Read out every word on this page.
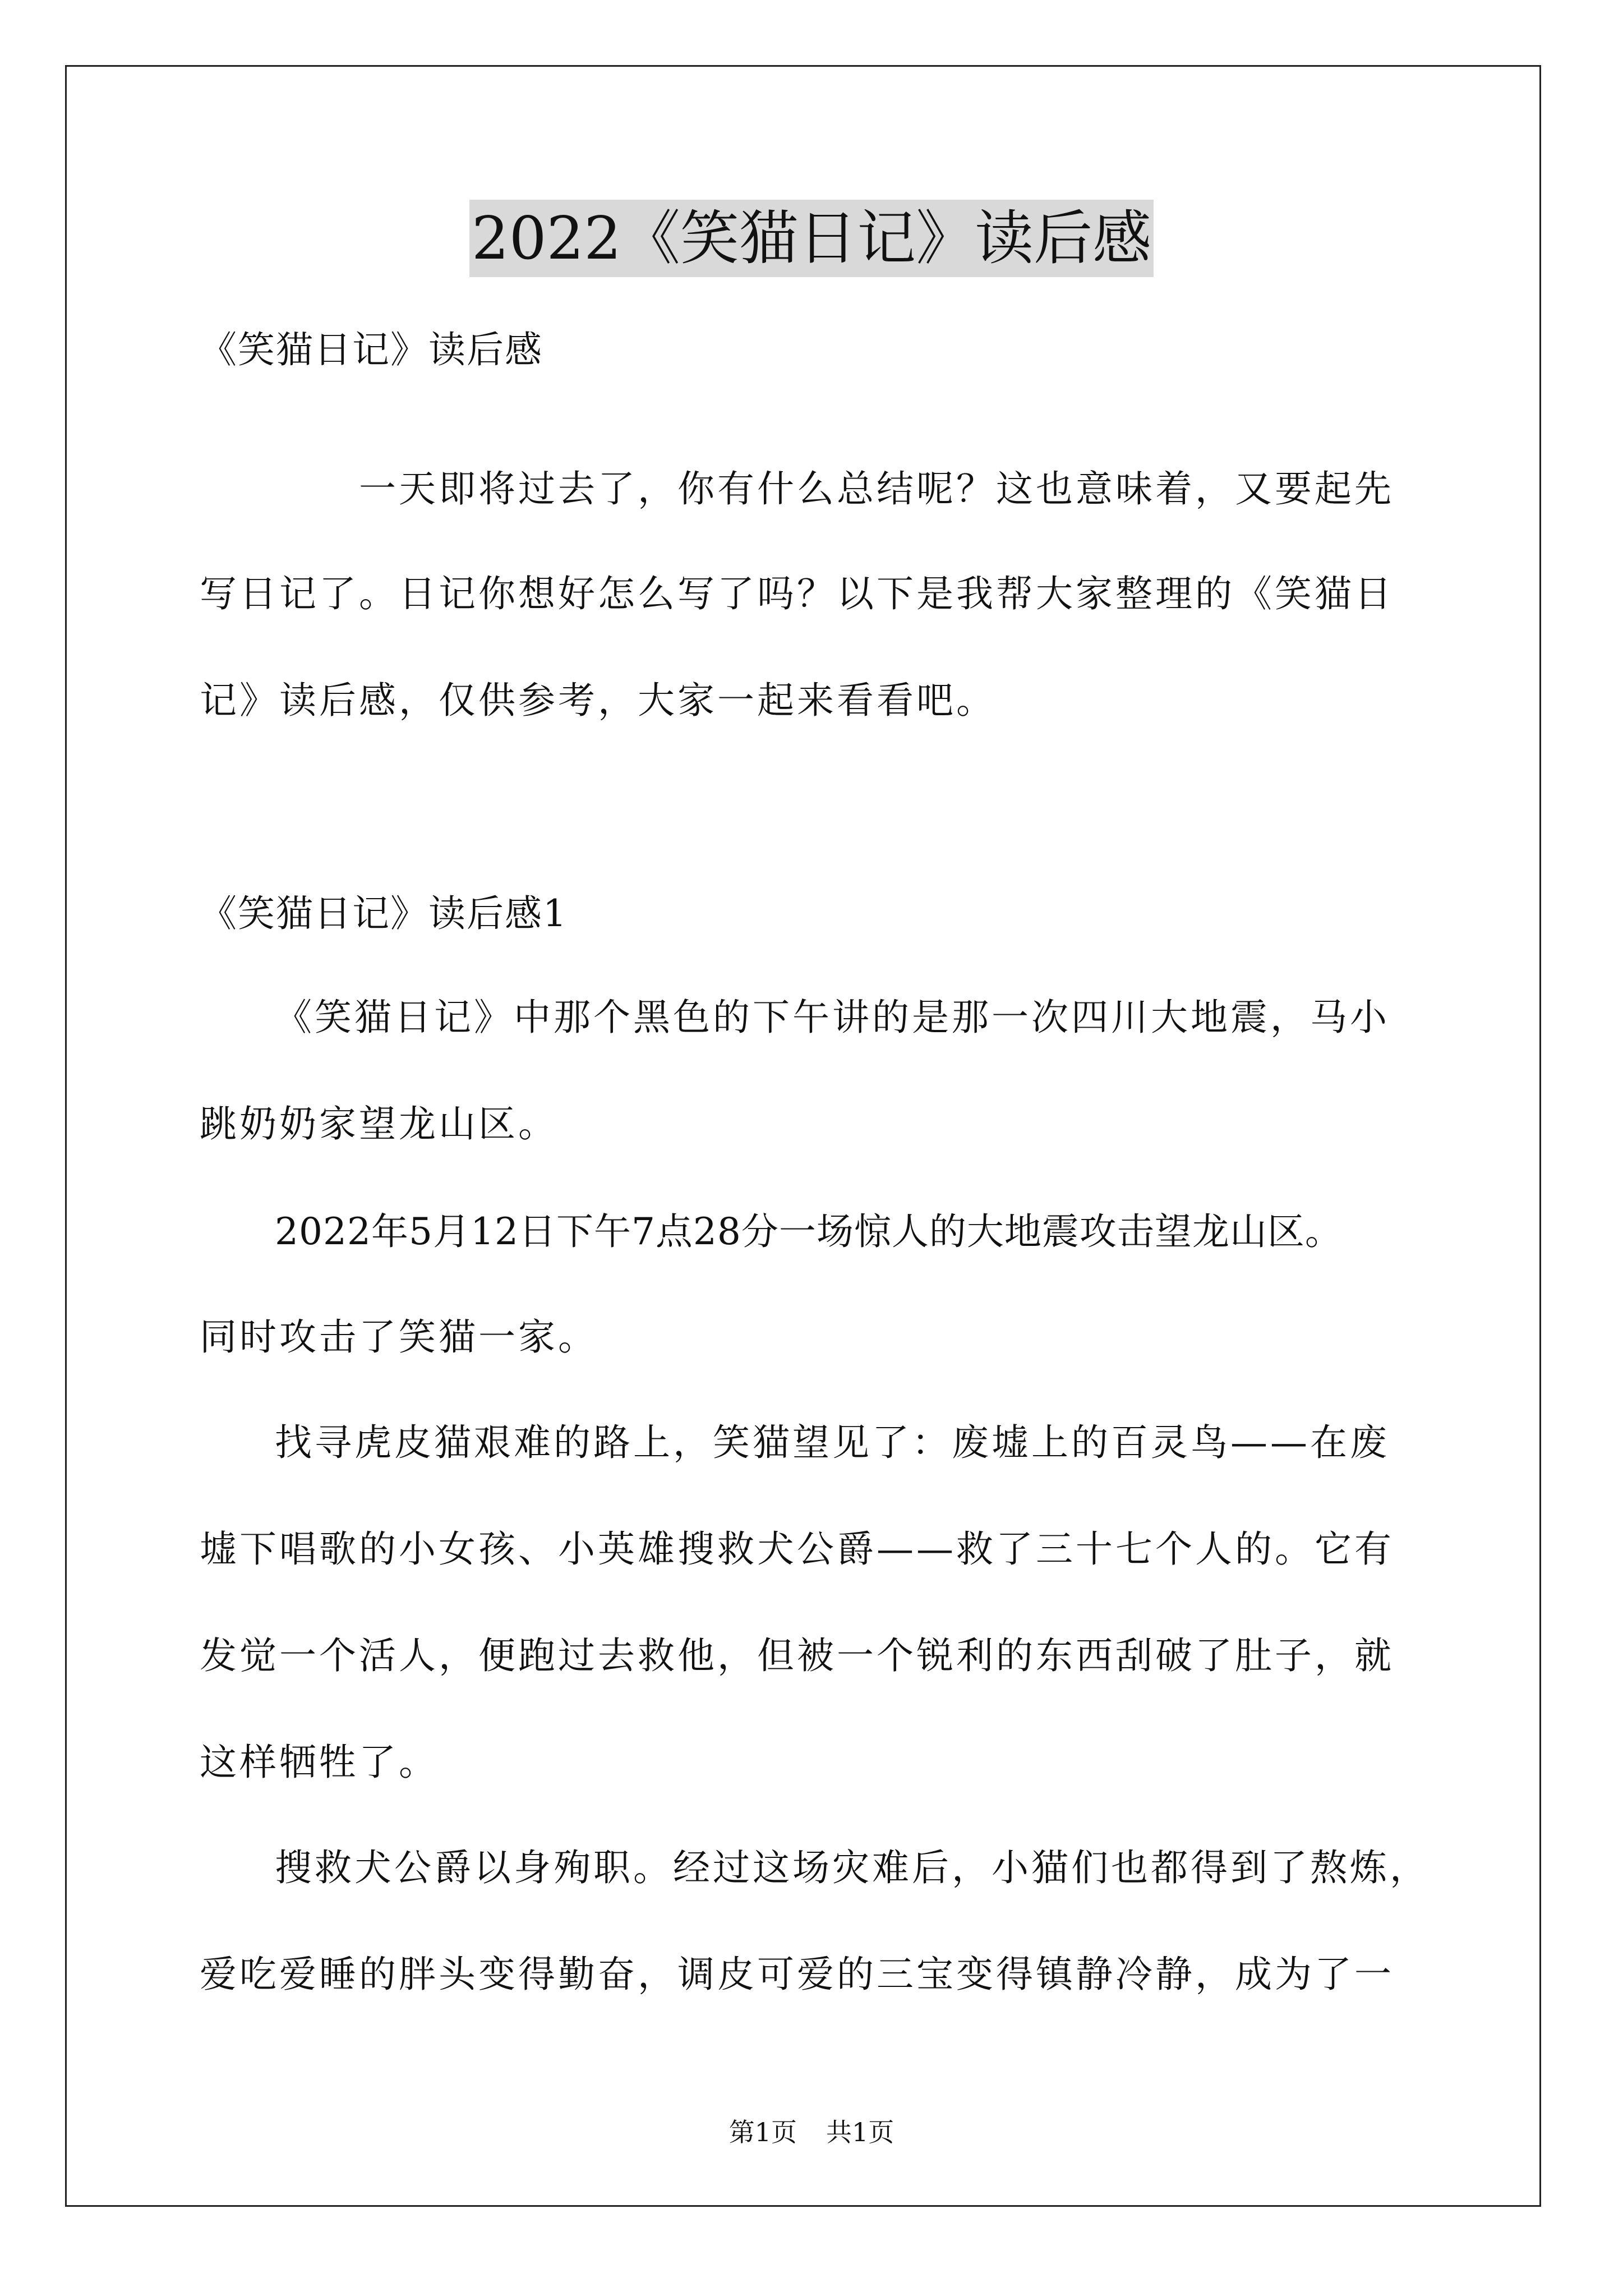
2022《笑猫日记》读后感
《笑猫日记》读后感
一天即将过去了，你有什么总结呢？这也意味着，又要起先
写日记了。日记你想好怎么写了吗？以下是我帮大家整理的《笑猫日
记》读后感，仅供参考，大家一起来看看吧。
《笑猫日记》读后感1
《笑猫日记》中那个黑色的下午讲的是那一次四川大地震，马小
跳奶奶家望龙山区。
2022年5月12日下午7点28分一场惊人的大地震攻击望龙山区。
同时攻击了笑猫一家。
找寻虎皮猫艰难的路上，笑猫望见了：废墟上的百灵鸟——在废
墟下唱歌的小女孩、小英雄搜救犬公爵——救了三十七个人的。它有
发觉一个活人，便跑过去救他，但被一个锐利的东西刮破了肚子，就
这样牺牲了。
搜救犬公爵以身殉职。经过这场灾难后，小猫们也都得到了熬炼，
爱吃爱睡的胖头变得勤奋，调皮可爱的三宝变得镇静冷静，成为了一
第1页 共1页
